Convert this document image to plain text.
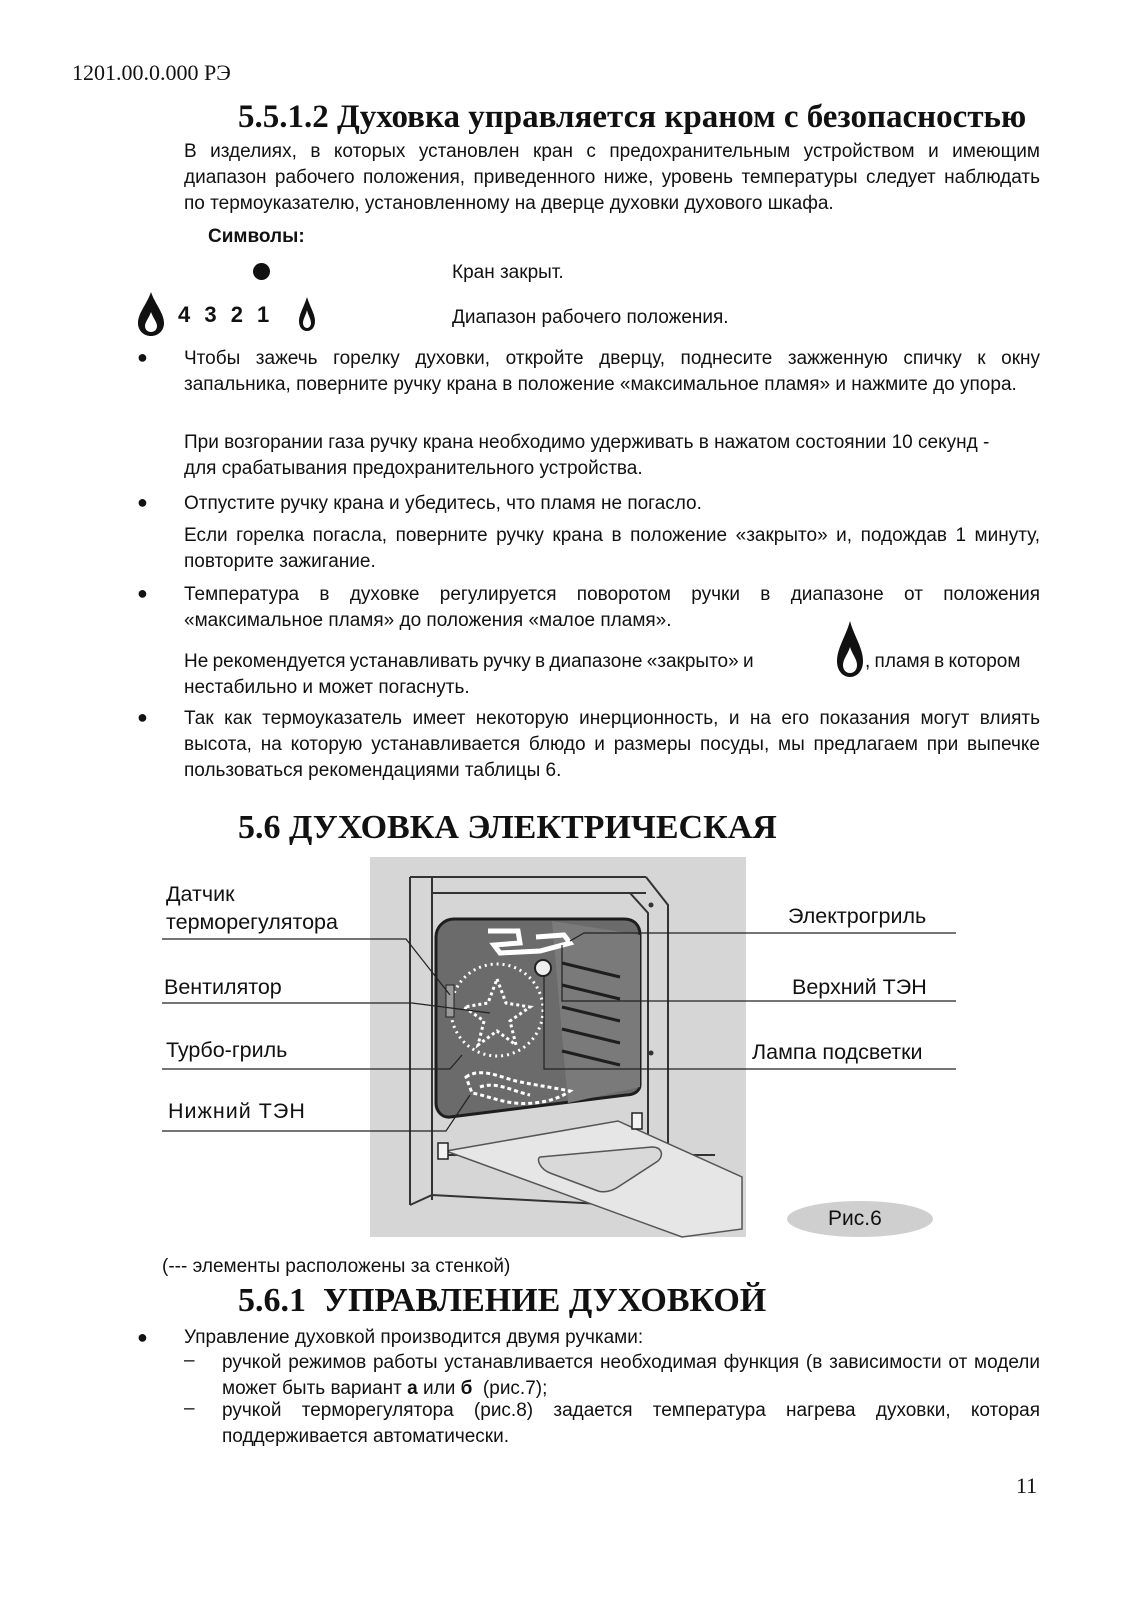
1201.00.0.000 РЭ
5.5.1.2 Духовка управляется краном с безопасностью
В изделиях, в которых установлен кран с предохранительным устройством и имеющим диапазон рабочего положения, приведенного ниже, уровень температуры следует наблюдать по термоуказателю, установленному на дверце духовки духового шкафа.
Символы:
Кран закрыт.
4 3 2 1	Диапазон рабочего положения.
● Чтобы зажечь горелку духовки, откройте дверцу, поднесите зажженную спичку к окну запальника, поверните ручку крана в положение «максимальное пламя» и нажмите до упора.
При возгорании газа ручку крана необходимо удерживать в нажатом состоянии 10 секунд - для срабатывания предохранительного устройства.
● Отпустите ручку крана и убедитесь, что пламя не погасло.
Если горелка погасла, поверните ручку крана в положение «закрыто» и, подождав 1 минуту, повторите зажигание.
● Температура в духовке регулируется поворотом ручки в диапазоне от положения «максимальное пламя» до положения «малое пламя».
Не рекомендуется устанавливать ручку в диапазоне «закрыто» и	, пламя в котором
нестабильно и может погаснуть.
● Так как термоуказатель имеет некоторую инерционность, и на его показания могут влиять высота, на которую устанавливается блюдо и размеры посуды, мы предлагаем при выпечке пользоваться рекомендациями таблицы 6.
5.6 ДУХОВКА ЭЛЕКТРИЧЕСКАЯ
Датчик
терморегулятора
Вентилятор
Турбо-гриль
Нижний ТЭН
Электрогриль
Верхний ТЭН
Лампа подсветки
Рис.6
(--- элементы расположены за стенкой)
5.6.1  УПРАВЛЕНИЕ ДУХОВКОЙ
● Управление духовкой производится двумя ручками:
– ручкой режимов работы устанавливается необходимая функция (в зависимости от модели может быть вариант а или б (рис.7);
– ручкой терморегулятора (рис.8) задается температура нагрева духовки, которая поддерживается автоматически.
11
